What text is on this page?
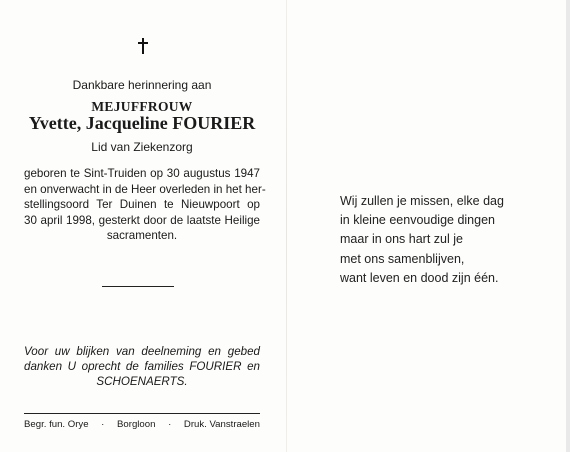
Dankbare herinnering aan
MEJUFFROUW
Yvette, Jacqueline FOURIER
Lid van Ziekenzorg
geboren te Sint-Truiden op 30 augustus 1947
en onverwacht in de Heer overleden in het her-
stellingsoord Ter Duinen te Nieuwpoort op
30 april 1998, gesterkt door de laatste Heilige
sacramenten.
Voor uw blijken van deelneming en gebed
danken U oprecht de families FOURIER en
SCHOENAERTS.
Begr. fun. Orye · Borgloon · Druk. Vanstraelen
Wij zullen je missen, elke dag
in kleine eenvoudige dingen
maar in ons hart zul je
met ons samenblijven,
want leven en dood zijn één.
